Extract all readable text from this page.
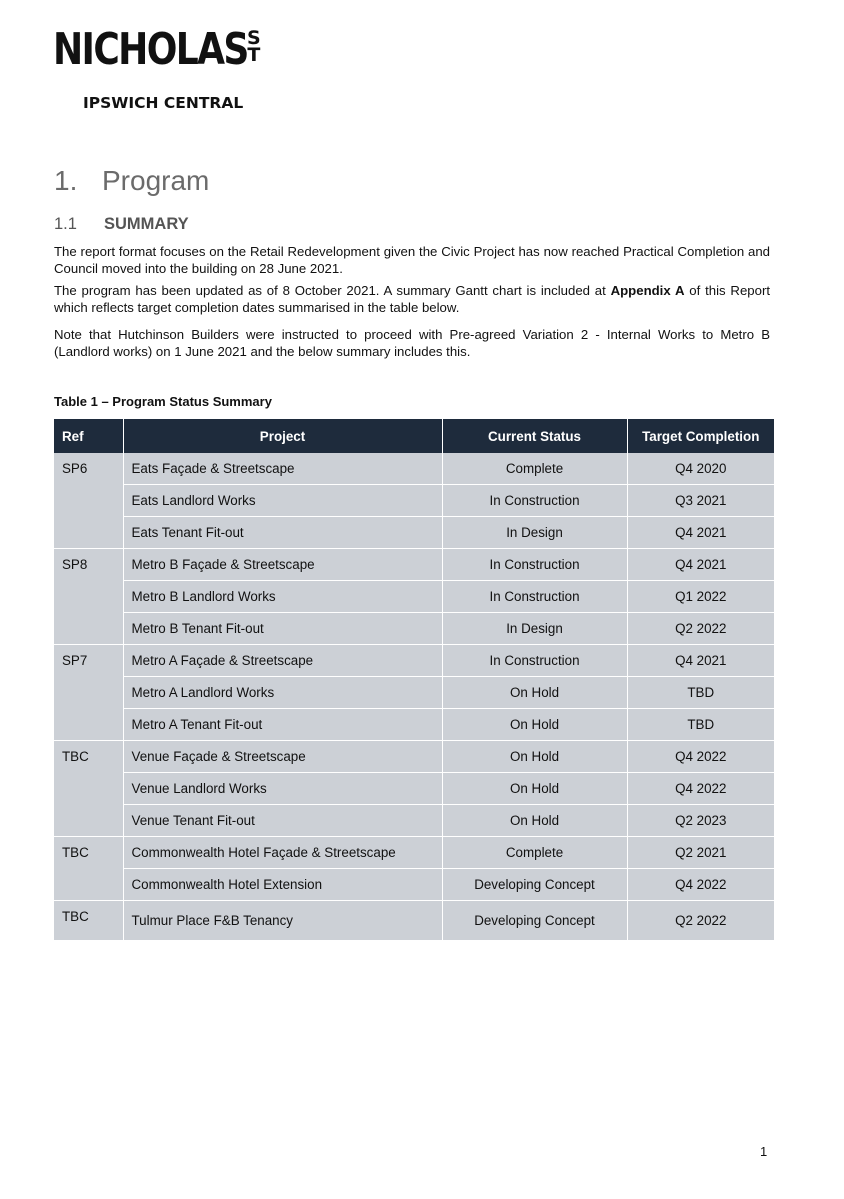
NICHOLAS S
T
IPSWICH CENTRAL
1. Program
1.1 SUMMARY

The report format focuses on the Retail Redevelopment given the Civic Project has now reached Practical Completion and Council moved into the building on 28 June 2021.

The program has been updated as of 8 October 2021. A summary Gantt chart is included at Appendix A of this Report which reflects target completion dates summarised in the table below.

Note that Hutchinson Builders were instructed to proceed with Pre-agreed Variation 2 - Internal Works to Metro B (Landlord works) on 1 June 2021 and the below summary includes this.

Table 1 – Program Status Summary
Ref	Project	Current Status	Target Completion
SP6	Eats Façade & Streetscape	Complete	Q4 2020
	Eats Landlord Works	In Construction	Q3 2021
	Eats Tenant Fit-out	In Design	Q4 2021
SP8	Metro B Façade & Streetscape	In Construction	Q4 2021
	Metro B Landlord Works	In Construction	Q1 2022
	Metro B Tenant Fit-out	In Design	Q2 2022
SP7	Metro A Façade & Streetscape	In Construction	Q4 2021
	Metro A Landlord Works	On Hold	TBD
	Metro A Tenant Fit-out	On Hold	TBD
TBC	Venue Façade & Streetscape	On Hold	Q4 2022
	Venue Landlord Works	On Hold	Q4 2022
	Venue Tenant Fit-out	On Hold	Q2 2023
TBC	Commonwealth Hotel Façade & Streetscape	Complete	Q2 2021
	Commonwealth Hotel Extension	Developing Concept	Q4 2022
TBC	Tulmur Place F&B Tenancy	Developing Concept	Q2 2022
1
